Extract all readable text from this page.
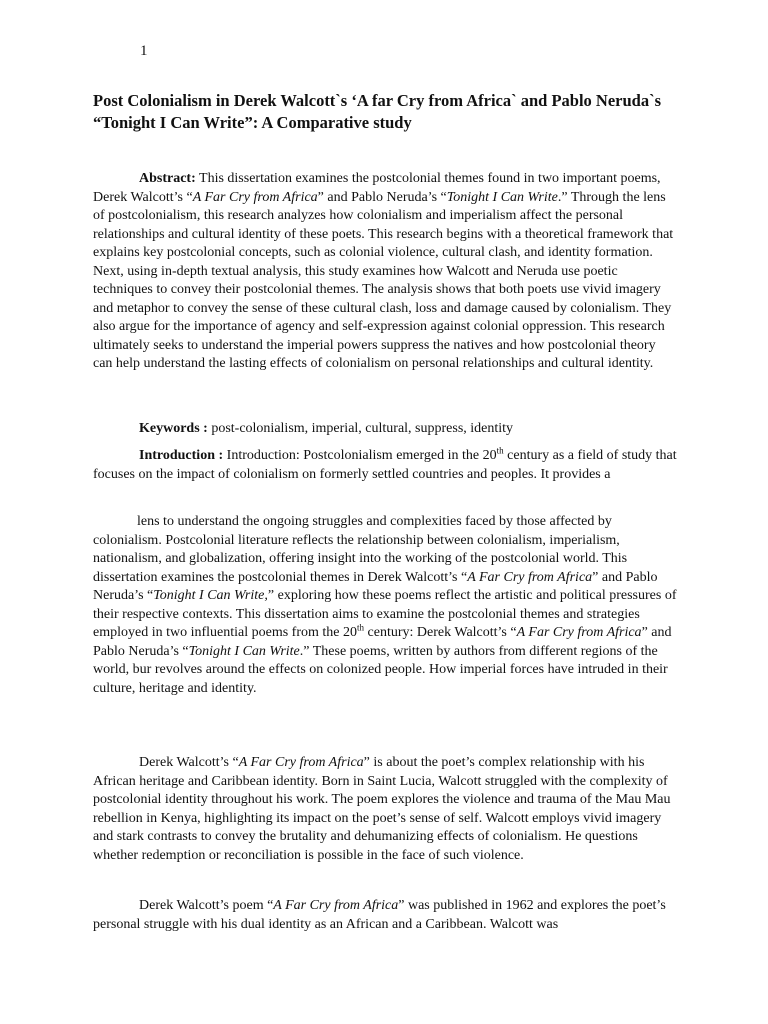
1
Post Colonialism in Derek Walcott`s ‘A far Cry from Africa` and Pablo Neruda`s “Tonight I Can Write”: A Comparative study

Abstract: This dissertation examines the postcolonial themes found in two important poems, Derek Walcott’s “A Far Cry from Africa” and Pablo Neruda’s “Tonight I Can Write.” Through the lens of postcolonialism, this research analyzes how colonialism and imperialism affect the personal relationships and cultural identity of these poets. This research begins with a theoretical framework that explains key postcolonial concepts, such as colonial violence, cultural clash, and identity formation. Next, using in-depth textual analysis, this study examines how Walcott and Neruda use poetic techniques to convey their postcolonial themes. The analysis shows that both poets use vivid imagery and metaphor to convey the sense of these cultural clash, loss and damage caused by colonialism. They also argue for the importance of agency and self-expression against colonial oppression. This research ultimately seeks to understand the imperial powers suppress the natives and how postcolonial theory can help understand the lasting effects of colonialism on personal relationships and cultural identity.

Keywords : post-colonialism, imperial, cultural, suppress, identity

Introduction : Introduction: Postcolonialism emerged in the 20th century as a field of study that focuses on the impact of colonialism on formerly settled countries and peoples. It provides a

lens to understand the ongoing struggles and complexities faced by those affected by colonialism. Postcolonial literature reflects the relationship between colonialism, imperialism, nationalism, and globalization, offering insight into the working of the postcolonial world. This dissertation examines the postcolonial themes in Derek Walcott’s “A Far Cry from Africa” and Pablo Neruda’s “Tonight I Can Write,” exploring how these poems reflect the artistic and political pressures of their respective contexts. This dissertation aims to examine the postcolonial themes and strategies employed in two influential poems from the 20th century: Derek Walcott’s “A Far Cry from Africa” and Pablo Neruda’s “Tonight I Can Write.” These poems, written by authors from different regions of the world, bur revolves around the effects on colonized people. How imperial forces have intruded in their culture, heritage and identity.

Derek Walcott’s “A Far Cry from Africa” is about the poet’s complex relationship with his African heritage and Caribbean identity. Born in Saint Lucia, Walcott struggled with the complexity of postcolonial identity throughout his work. The poem explores the violence and trauma of the Mau Mau rebellion in Kenya, highlighting its impact on the poet’s sense of self. Walcott employs vivid imagery and stark contrasts to convey the brutality and dehumanizing effects of colonialism. He questions whether redemption or reconciliation is possible in the face of such violence.

Derek Walcott’s poem “A Far Cry from Africa” was published in 1962 and explores the poet’s personal struggle with his dual identity as an African and a Caribbean. Walcott was
